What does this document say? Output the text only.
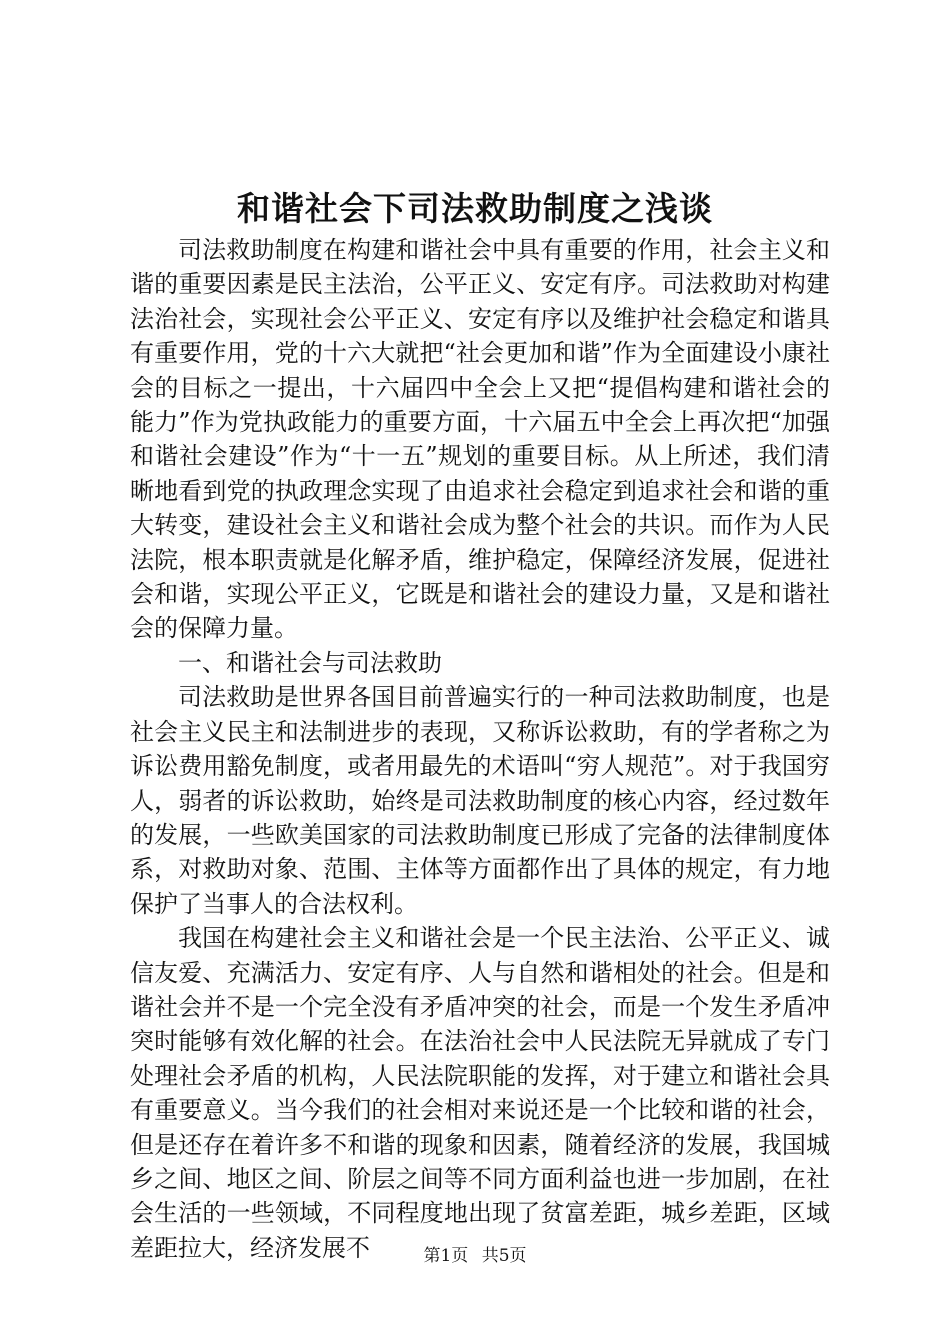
和谐社会下司法救助制度之浅谈

司法救助制度在构建和谐社会中具有重要的作用，社会主义和谐的重要因素是民主法治，公平正义、安定有序。司法救助对构建法治社会，实现社会公平正义、安定有序以及维护社会稳定和谐具有重要作用，党的十六大就把“社会更加和谐”作为全面建设小康社会的目标之一提出，十六届四中全会上又把“提倡构建和谐社会的能力”作为党执政能力的重要方面，十六届五中全会上再次把“加强和谐社会建设”作为“十一五”规划的重要目标。从上所述，我们清晰地看到党的执政理念实现了由追求社会稳定到追求社会和谐的重大转变，建设社会主义和谐社会成为整个社会的共识。而作为人民法院，根本职责就是化解矛盾，维护稳定，保障经济发展，促进社会和谐，实现公平正义，它既是和谐社会的建设力量，又是和谐社会的保障力量。

一、和谐社会与司法救助

司法救助是世界各国目前普遍实行的一种司法救助制度，也是社会主义民主和法制进步的表现，又称诉讼救助，有的学者称之为诉讼费用豁免制度，或者用最先的术语叫“穷人规范”。对于我国穷人，弱者的诉讼救助，始终是司法救助制度的核心内容，经过数年的发展，一些欧美国家的司法救助制度已形成了完备的法律制度体系，对救助对象、范围、主体等方面都作出了具体的规定，有力地保护了当事人的合法权利。

我国在构建社会主义和谐社会是一个民主法治、公平正义、诚信友爱、充满活力、安定有序、人与自然和谐相处的社会。但是和谐社会并不是一个完全没有矛盾冲突的社会，而是一个发生矛盾冲突时能够有效化解的社会。在法治社会中人民法院无异就成了专门处理社会矛盾的机构，人民法院职能的发挥，对于建立和谐社会具有重要意义。当今我们的社会相对来说还是一个比较和谐的社会，但是还存在着许多不和谐的现象和因素，随着经济的发展，我国城乡之间、地区之间、阶层之间等不同方面利益也进一步加剧，在社会生活的一些领域，不同程度地出现了贫富差距，城乡差距，区域差距拉大，经济发展不	第1页 共5页
